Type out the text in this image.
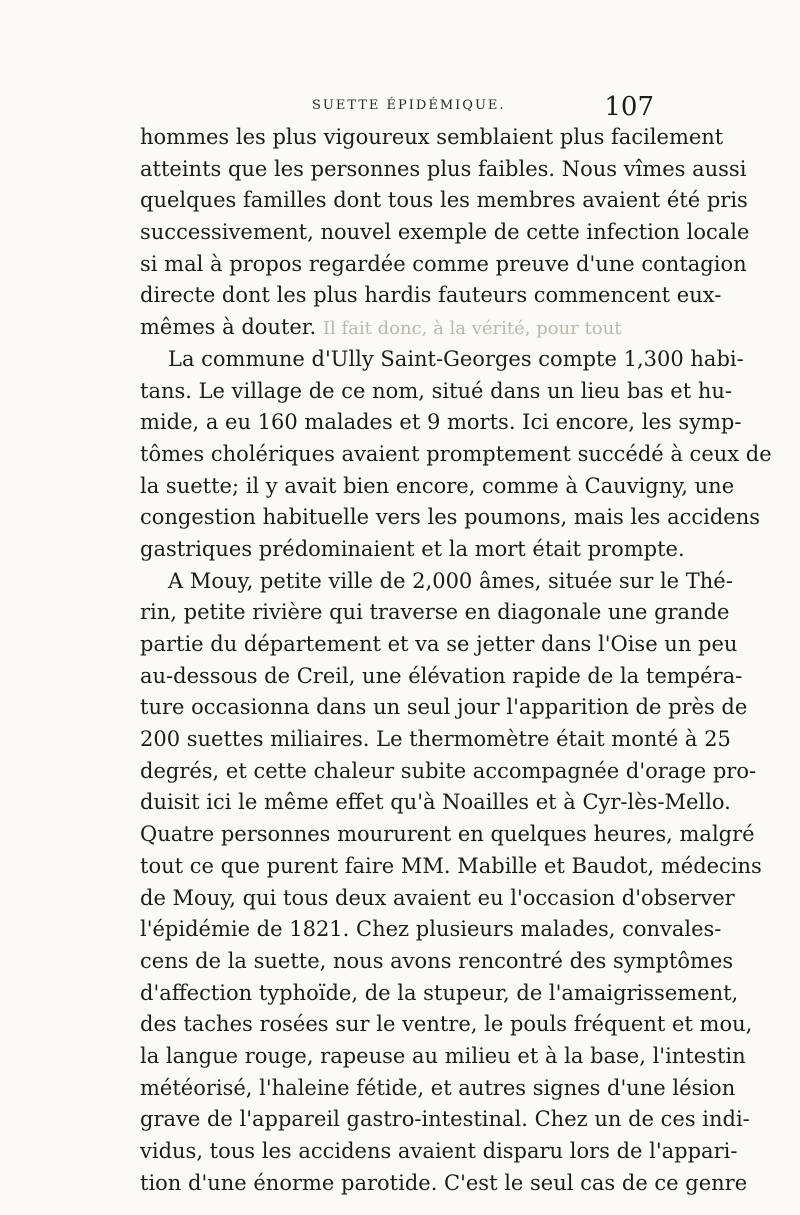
SUETTE ÉPIDÉMIQUE.	107
hommes les plus vigoureux semblaient plus facilement
atteints que les personnes plus faibles. Nous vîmes aussi
quelques familles dont tous les membres avaient été pris
successivement, nouvel exemple de cette infection locale
si mal à propos regardée comme preuve d'une contagion
directe dont les plus hardis fauteurs commencent eux-
mêmes à douter. Il fait donc, à la vérité, pour tout
La commune d'Ully Saint-Georges compte 1,300 habi-
tans. Le village de ce nom, situé dans un lieu bas et hu-
mide, a eu 160 malades et 9 morts. Ici encore, les symp-
tômes cholériques avaient promptement succédé à ceux de
la suette; il y avait bien encore, comme à Cauvigny, une
congestion habituelle vers les poumons, mais les accidens
gastriques prédominaient et la mort était prompte.
A Mouy, petite ville de 2,000 âmes, située sur le Thé-
rin, petite rivière qui traverse en diagonale une grande
partie du département et va se jetter dans l'Oise un peu
au-dessous de Creil, une élévation rapide de la tempéra-
ture occasionna dans un seul jour l'apparition de près de
200 suettes miliaires. Le thermomètre était monté à 25
degrés, et cette chaleur subite accompagnée d'orage pro-
duisit ici le même effet qu'à Noailles et à Cyr-lès-Mello.
Quatre personnes moururent en quelques heures, malgré
tout ce que purent faire MM. Mabille et Baudot, médecins
de Mouy, qui tous deux avaient eu l'occasion d'observer
l'épidémie de 1821. Chez plusieurs malades, convales-
cens de la suette, nous avons rencontré des symptômes
d'affection typhoïde, de la stupeur, de l'amaigrissement,
des taches rosées sur le ventre, le pouls fréquent et mou,
la langue rouge, rapeuse au milieu et à la base, l'intestin
météorisé, l'haleine fétide, et autres signes d'une lésion
grave de l'appareil gastro-intestinal. Chez un de ces indi-
vidus, tous les accidens avaient disparu lors de l'appari-
tion d'une énorme parotide. C'est le seul cas de ce genre
